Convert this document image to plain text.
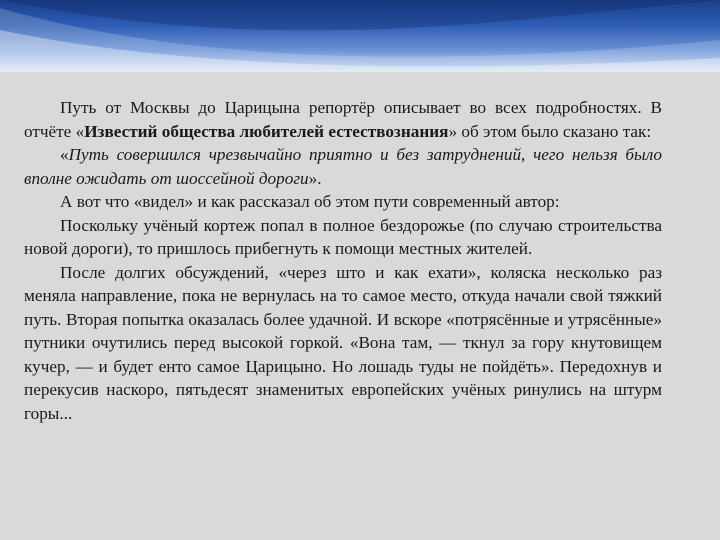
Путь от Москвы до Царицына репортёр описывает во всех подробностях. В отчёте «Известий общества любителей естествознания» об этом было сказано так:

«Путь совершился чрезвычайно приятно и без затруднений, чего нельзя было вполне ожидать от шоссейной дороги».

А вот что «видел» и как рассказал об этом пути современный автор:

Поскольку учёный кортеж попал в полное бездорожье (по случаю строительства новой дороги), то пришлось прибегнуть к помощи местных жителей.

После долгих обсуждений, «через што и как ехати», коляска несколько раз меняла направление, пока не вернулась на то самое место, откуда начали свой тяжкий путь. Вторая попытка оказалась более удачной. И вскоре «потрясённые и утрясённые» путники очутились перед высокой горкой. «Вона там, — ткнул за гору кнутовищем кучер, — и будет енто самое Царицыно. Но лошадь туды не пойдёть». Передохнув и перекусив наскоро, пятьдесят знаменитых европейских учёных ринулись на штурм горы...
